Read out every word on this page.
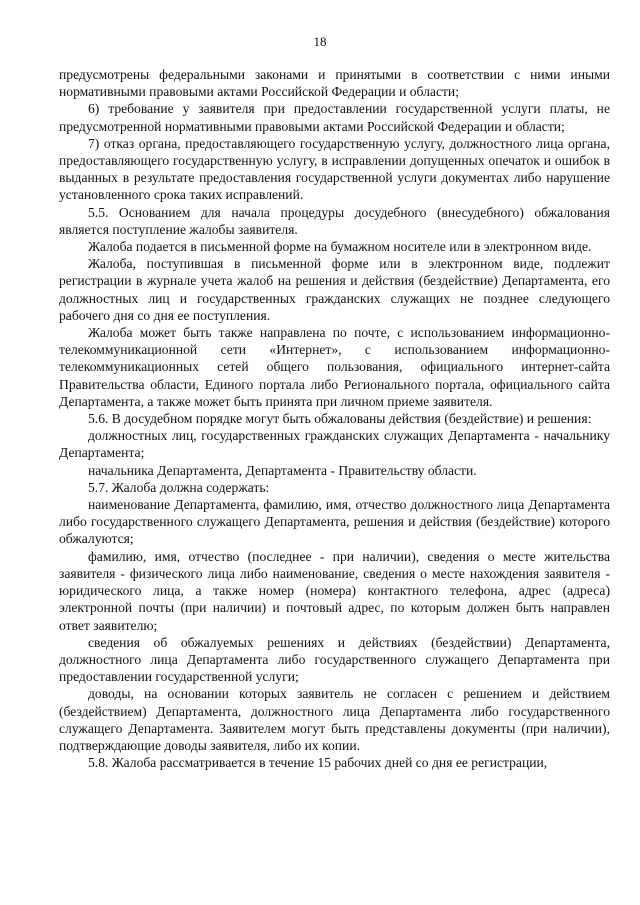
18

предусмотрены федеральными законами и принятыми в соответствии с ними иными нормативными правовыми актами Российской Федерации и области;

6) требование у заявителя при предоставлении государственной услуги платы, не предусмотренной нормативными правовыми актами Российской Федерации и области;

7) отказ органа, предоставляющего государственную услугу, должностного лица органа, предоставляющего государственную услугу, в исправлении допущенных опечаток и ошибок в выданных в результате предоставления государственной услуги документах либо нарушение установленного срока таких исправлений.

5.5. Основанием для начала процедуры досудебного (внесудебного) обжалования является поступление жалобы заявителя.

Жалоба подается в письменной форме на бумажном носителе или в электронном виде.

Жалоба, поступившая в письменной форме или в электронном виде, подлежит регистрации в журнале учета жалоб на решения и действия (бездействие) Департамента, его должностных лиц и государственных гражданских служащих не позднее следующего рабочего дня со дня ее поступления.

Жалоба может быть также направлена по почте, с использованием информационно-телекоммуникационной сети «Интернет», с использованием информационно-телекоммуникационных сетей общего пользования, официального интернет-сайта Правительства области, Единого портала либо Регионального портала, официального сайта Департамента, а также может быть принята при личном приеме заявителя.

5.6. В досудебном порядке могут быть обжалованы действия (бездействие) и решения:

должностных лиц, государственных гражданских служащих Департамента - начальнику Департамента;

начальника Департамента, Департамента - Правительству области.

5.7. Жалоба должна содержать:

наименование Департамента, фамилию, имя, отчество должностного лица Департамента либо государственного служащего Департамента, решения и действия (бездействие) которого обжалуются;

фамилию, имя, отчество (последнее - при наличии), сведения о месте жительства заявителя - физического лица либо наименование, сведения о месте нахождения заявителя - юридического лица, а также номер (номера) контактного телефона, адрес (адреса) электронной почты (при наличии) и почтовый адрес, по которым должен быть направлен ответ заявителю;

сведения об обжалуемых решениях и действиях (бездействии) Департамента, должностного лица Департамента либо государственного служащего Департамента при предоставлении государственной услуги;

доводы, на основании которых заявитель не согласен с решением и действием (бездействием) Департамента, должностного лица Департамента либо государственного служащего Департамента. Заявителем могут быть представлены документы (при наличии), подтверждающие доводы заявителя, либо их копии.

5.8. Жалоба рассматривается в течение 15 рабочих дней со дня ее регистрации,
